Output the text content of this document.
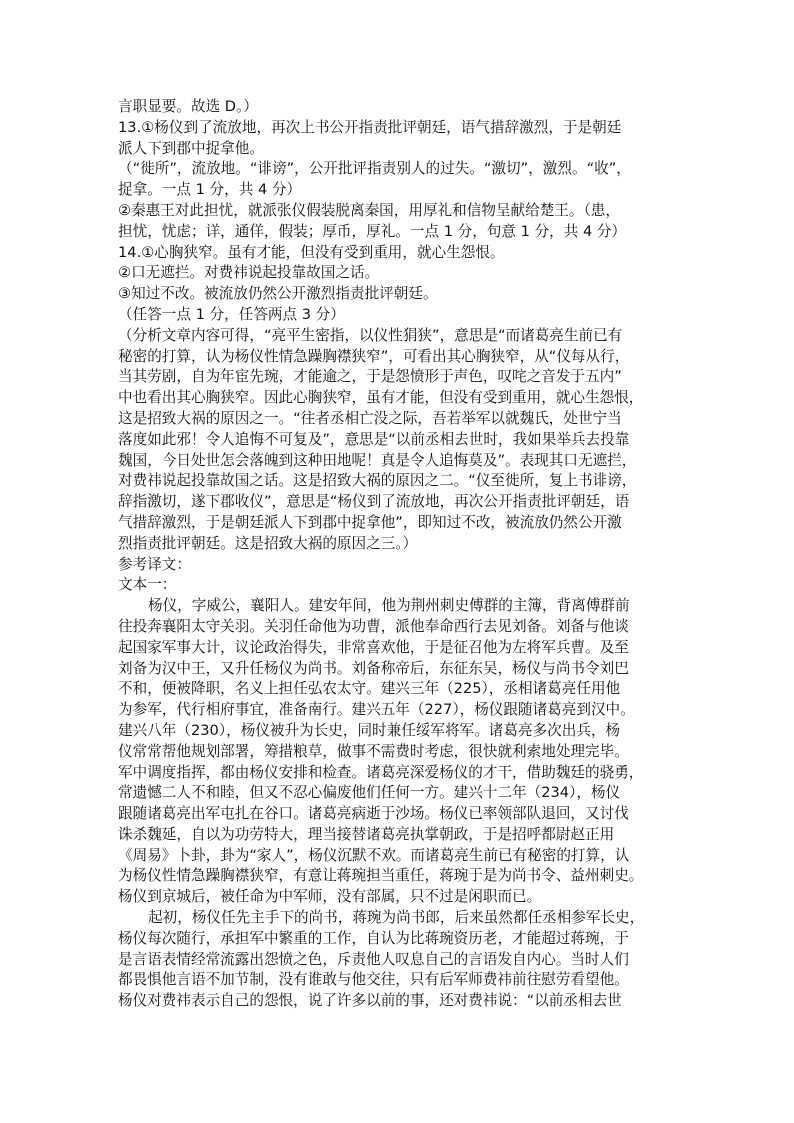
言职显要。故选 D。）
13.①杨仪到了流放地，再次上书公开指责批评朝廷，语气措辞激烈，于是朝廷
派人下到郡中捉拿他。
（“徙所”，流放地。“诽谤”，公开批评指责别人的过失。“激切”，激烈。“收”，
捉拿。一点 1 分，共 4 分）
②秦惠王对此担忧，就派张仪假装脱离秦国，用厚礼和信物呈献给楚王。（患，
担忧，忧虑；详，通佯，假装；厚币，厚礼。一点 1 分，句意 1 分，共 4 分）
14.①心胸狭窄。虽有才能，但没有受到重用，就心生怨恨。
②口无遮拦。对费祎说起投靠故国之话。
③知过不改。被流放仍然公开激烈指责批评朝廷。
（任答一点 1 分，任答两点 3 分）
（分析文章内容可得，“亮平生密指，以仪性狷狭”，意思是“而诸葛亮生前已有
秘密的打算，认为杨仪性情急躁胸襟狭窄”，可看出其心胸狭窄，从“仪每从行，
当其劳剧，自为年宦先琬，才能逾之，于是怨愤形于声色，叹咤之音发于五内”
中也看出其心胸狭窄。因此心胸狭窄，虽有才能，但没有受到重用，就心生怨恨，
这是招致大祸的原因之一。“往者丞相亡没之际，吾若举军以就魏氏，处世宁当
落度如此邪！令人追悔不可复及”，意思是“以前丞相去世时，我如果举兵去投靠
魏国，今日处世怎会落魄到这种田地呢！真是令人追悔莫及”。表现其口无遮拦，
对费祎说起投靠故国之话。这是招致大祸的原因之二。“仪至徙所，复上书诽谤，
辞指激切，遂下郡收仪”，意思是“杨仪到了流放地，再次公开指责批评朝廷，语
气措辞激烈，于是朝廷派人下到郡中捉拿他”，即知过不改，被流放仍然公开激
烈指责批评朝廷。这是招致大祸的原因之三。）
参考译文：
文本一：
杨仪，字威公，襄阳人。建安年间，他为荆州刺史傅群的主簿，背离傅群前
往投奔襄阳太守关羽。关羽任命他为功曹，派他奉命西行去见刘备。刘备与他谈
起国家军事大计，议论政治得失，非常喜欢他，于是征召他为左将军兵曹。及至
刘备为汉中王，又升任杨仪为尚书。刘备称帝后，东征东吴，杨仪与尚书令刘巴
不和，便被降职，名义上担任弘农太守。建兴三年（225），丞相诸葛亮任用他
为参军，代行相府事宜，准备南行。建兴五年（227），杨仪跟随诸葛亮到汉中。
建兴八年（230），杨仪被升为长史，同时兼任绥军将军。诸葛亮多次出兵，杨
仪常常帮他规划部署，筹措粮草，做事不需费时考虑，很快就利索地处理完毕。
军中调度指挥，都由杨仪安排和检查。诸葛亮深爱杨仪的才干，借助魏廷的骁勇，
常遗憾二人不和睦，但又不忍心偏废他们任何一方。建兴十二年（234），杨仪
跟随诸葛亮出军屯扎在谷口。诸葛亮病逝于沙场。杨仪已率领部队退回，又讨伐
诛杀魏延，自以为功劳特大，理当接替诸葛亮执掌朝政，于是招呼都尉赵正用
《周易》卜卦，卦为“家人”，杨仪沉默不欢。而诸葛亮生前已有秘密的打算，认
为杨仪性情急躁胸襟狭窄，有意让蒋琬担当重任，蒋琬于是为尚书令、益州刺史。
杨仪到京城后，被任命为中军师，没有部属，只不过是闲职而已。
起初，杨仪任先主手下的尚书，蒋琬为尚书郎，后来虽然都任丞相参军长史，
杨仪每次随行，承担军中繁重的工作，自认为比蒋琬资历老，才能超过蒋琬，于
是言语表情经常流露出怨愤之色，斥责他人叹息自己的言语发自内心。当时人们
都畏惧他言语不加节制，没有谁敢与他交往，只有后军师费祎前往慰劳看望他。
杨仪对费祎表示自己的怨恨，说了许多以前的事，还对费祎说：“以前丞相去世
